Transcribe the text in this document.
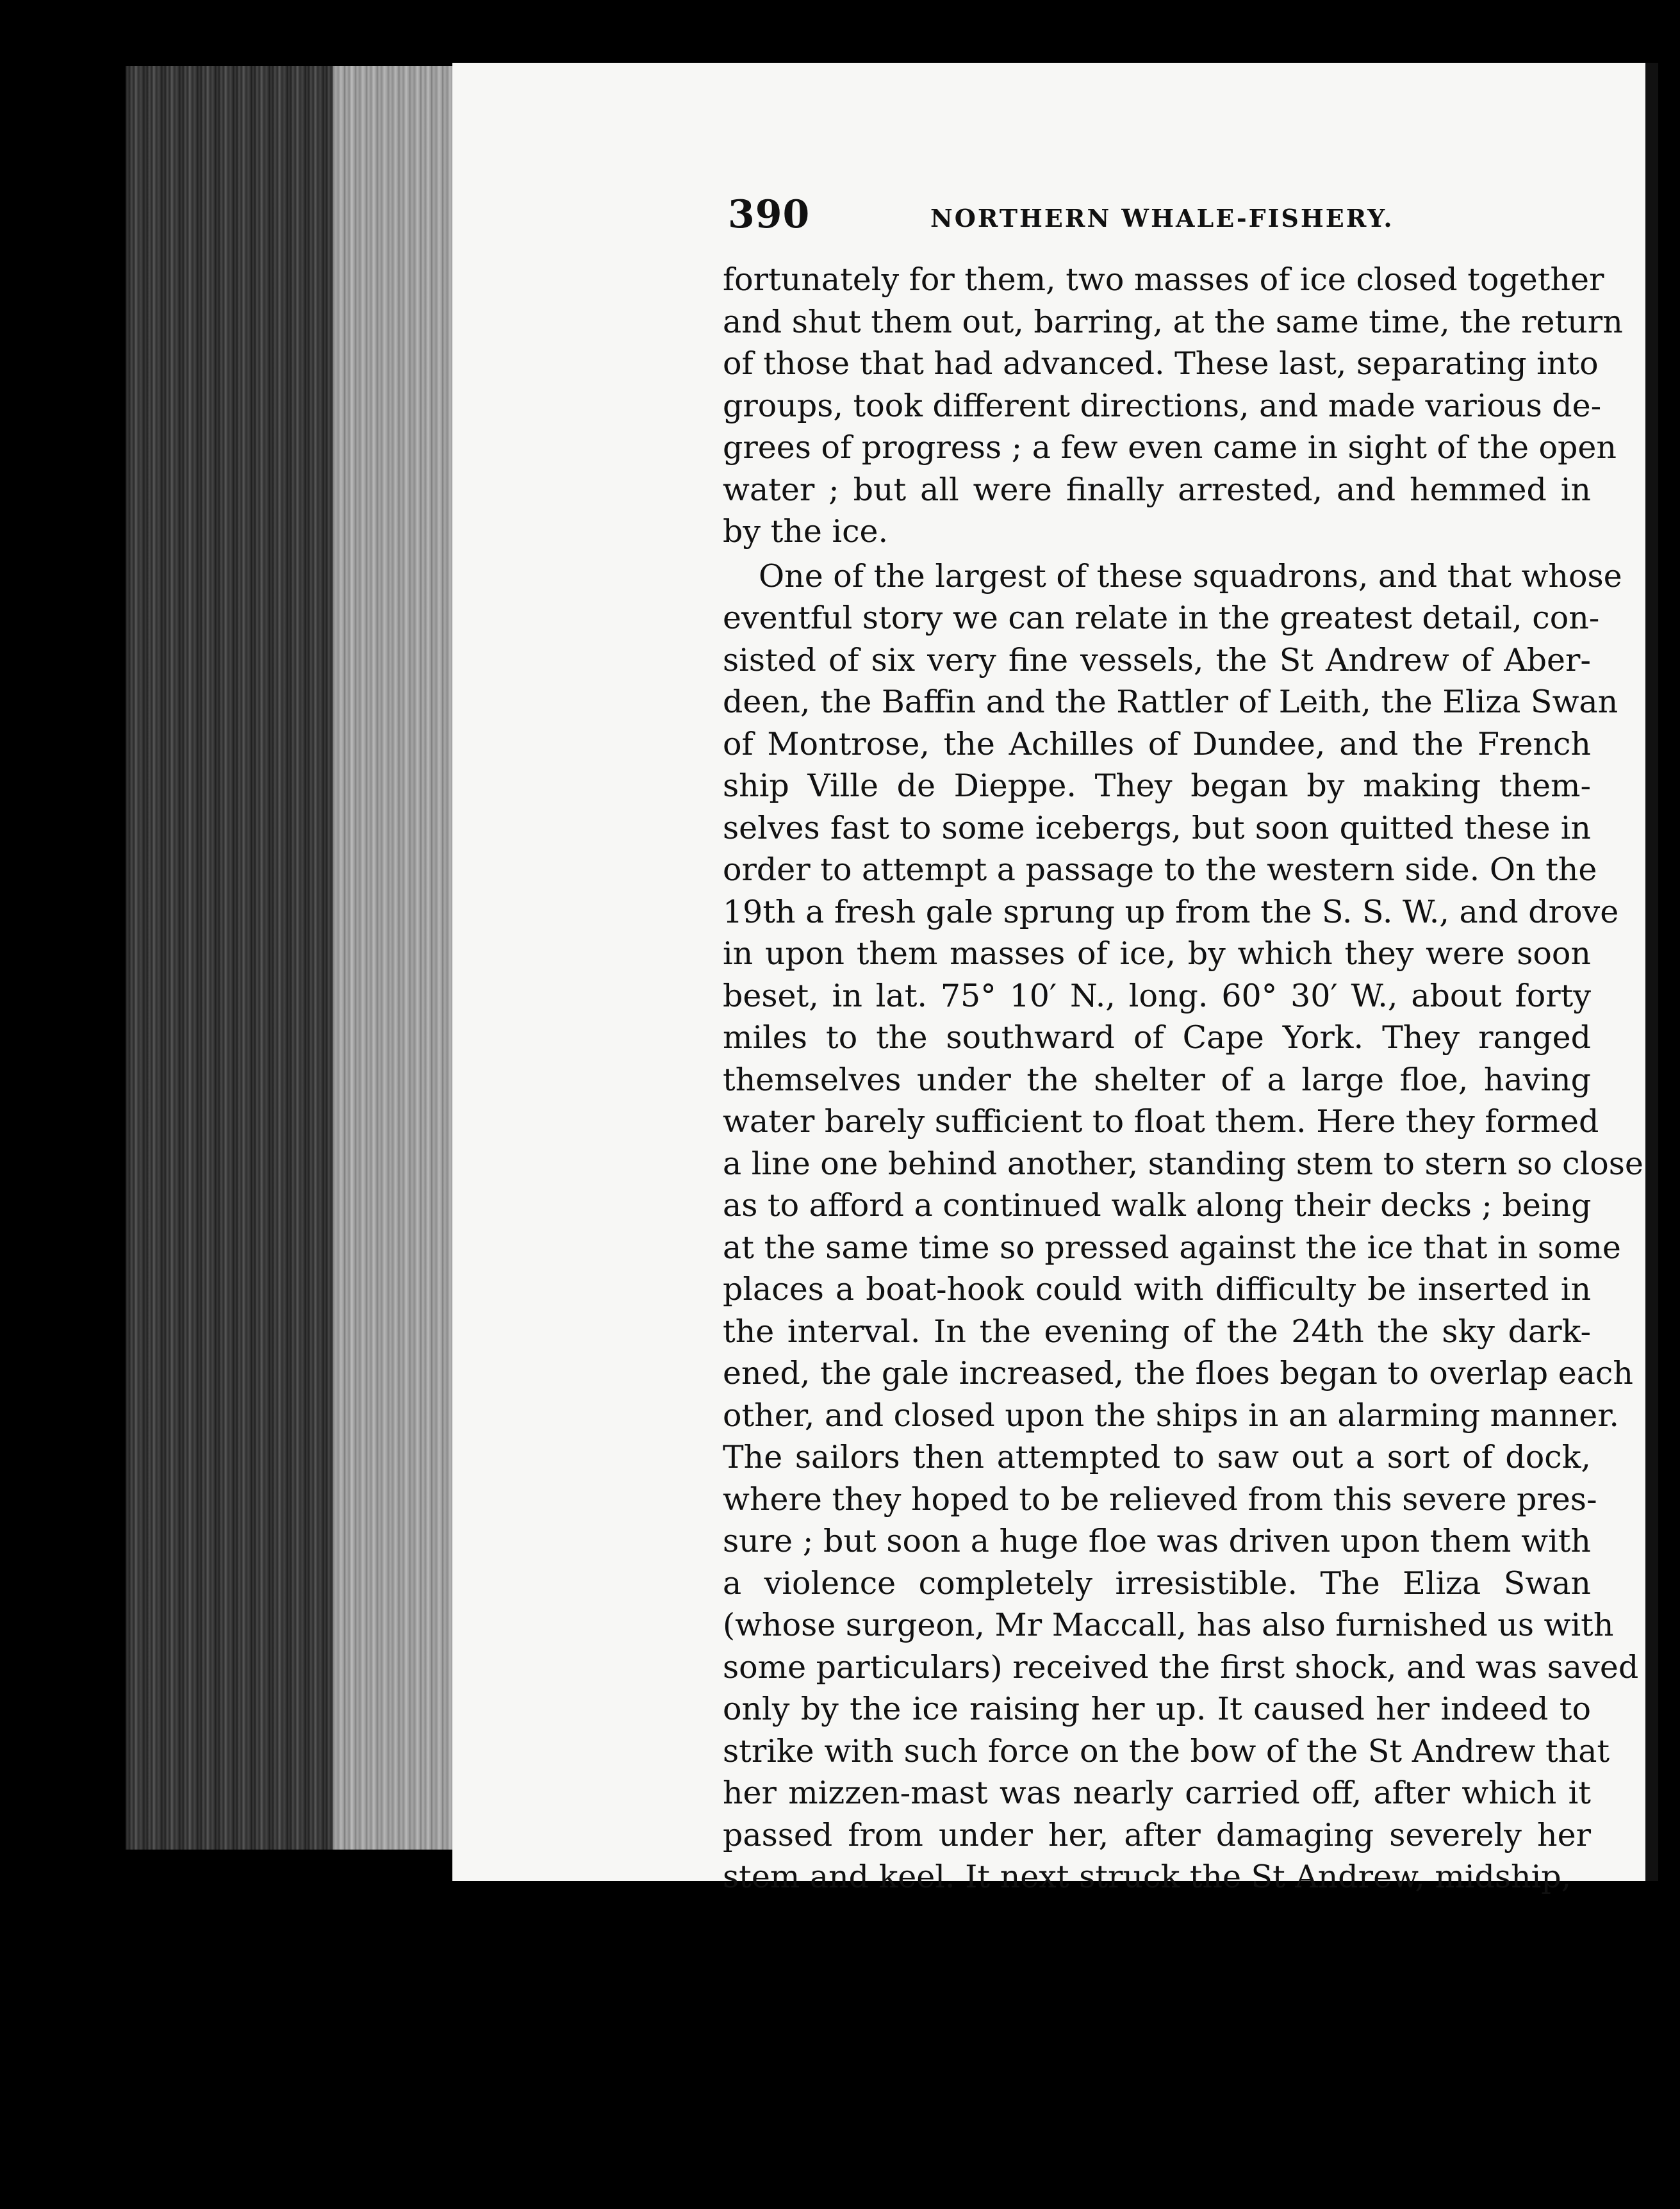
390	NORTHERN WHALE-FISHERY.
fortunately for them, two masses of ice closed together
and shut them out, barring, at the same time, the return
of those that had advanced. These last, separating into
groups, took different directions, and made various de-
grees of progress ; a few even came in sight of the open
water ; but all were finally arrested, and hemmed in
by the ice.
One of the largest of these squadrons, and that whose
eventful story we can relate in the greatest detail, con-
sisted of six very fine vessels, the St Andrew of Aber-
deen, the Baffin and the Rattler of Leith, the Eliza Swan
of Montrose, the Achilles of Dundee, and the French
ship Ville de Dieppe. They began by making them-
selves fast to some icebergs, but soon quitted these in
order to attempt a passage to the western side. On the
19th a fresh gale sprung up from the S. S. W., and drove
in upon them masses of ice, by which they were soon
beset, in lat. 75° 10′ N., long. 60° 30′ W., about forty
miles to the southward of Cape York. They ranged
themselves under the shelter of a large floe, having
water barely sufficient to float them. Here they formed
a line one behind another, standing stem to stern so close
as to afford a continued walk along their decks ; being
at the same time so pressed against the ice that in some
places a boat-hook could with difficulty be inserted in
the interval. In the evening of the 24th the sky dark-
ened, the gale increased, the floes began to overlap each
other, and closed upon the ships in an alarming manner.
The sailors then attempted to saw out a sort of dock,
where they hoped to be relieved from this severe pres-
sure ; but soon a huge floe was driven upon them with
a violence completely irresistible. The Eliza Swan
(whose surgeon, Mr Maccall, has also furnished us with
some particulars) received the first shock, and was saved
only by the ice raising her up. It caused her indeed to
strike with such force on the bow of the St Andrew that
her mizzen-mast was nearly carried off, after which it
passed from under her, after damaging severely her
stem and keel. It next struck the St Andrew, midship,
